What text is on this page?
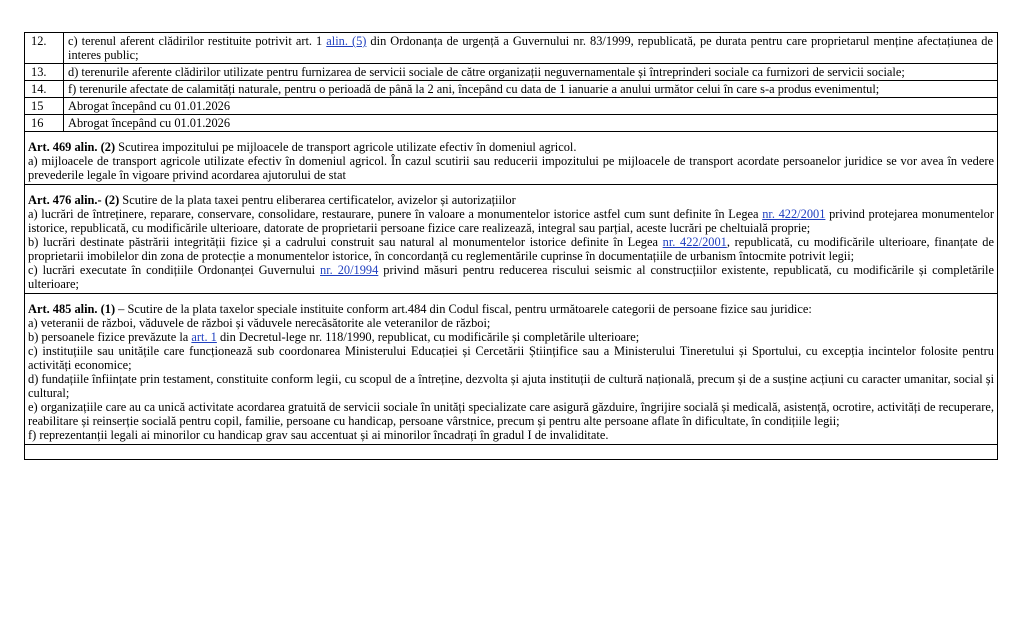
12.	c) terenul aferent clădirilor restituite potrivit art. 1 alin. (5) din Ordonanța de urgență a Guvernului nr. 83/1999, republicată, pe durata pentru care proprietarul menține afectațiunea de interes public;
13.	d) terenurile aferente clădirilor utilizate pentru furnizarea de servicii sociale de către organizații neguvernamentale și întreprinderi sociale ca furnizori de servicii sociale;
14.	f) terenurile afectate de calamități naturale, pentru o perioadă de până la 2 ani, începând cu data de 1 ianuarie a anului următor celui în care s-a produs evenimentul;
15	Abrogat începând cu 01.01.2026
16	Abrogat începând cu 01.01.2026

Art. 469 alin. (2) Scutirea impozitului pe mijloacele de transport agricole utilizate efectiv în domeniul agricol.

a) mijloacele de transport agricole utilizate efectiv în domeniul agricol. În cazul scutirii sau reducerii impozitului pe mijloacele de transport acordate persoanelor juridice se vor avea în vedere prevederile legale în vigoare privind acordarea ajutorului de stat

Art. 476 alin.- (2) Scutire de la plata taxei pentru eliberarea certificatelor, avizelor și autorizațiilor

a) lucrări de întreținere, reparare, conservare, consolidare, restaurare, punere în valoare a monumentelor istorice astfel cum sunt definite în Legea nr. 422/2001 privind protejarea monumentelor istorice, republicată, cu modificările ulterioare, datorate de proprietarii persoane fizice care realizează, integral sau parțial, aceste lucrări pe cheltuială proprie;

b) lucrări destinate păstrării integrității fizice și a cadrului construit sau natural al monumentelor istorice definite în Legea nr. 422/2001, republicată, cu modificările ulterioare, finanțate de proprietarii imobilelor din zona de protecție a monumentelor istorice, în concordanță cu reglementările cuprinse în documentațiile de urbanism întocmite potrivit legii;

c) lucrări executate în condițiile Ordonanței Guvernului nr. 20/1994 privind măsuri pentru reducerea riscului seismic al construcțiilor existente, republicată, cu modificările și completările ulterioare;

Art. 485 alin. (1) – Scutire de la plata taxelor speciale instituite conform art.484 din Codul fiscal, pentru următoarele categorii de persoane fizice sau juridice:

a) veteranii de război, văduvele de război și văduvele nerecăsătorite ale veteranilor de război;

b) persoanele fizice prevăzute la art. 1 din Decretul-lege nr. 118/1990, republicat, cu modificările și completările ulterioare;

c) instituțiile sau unitățile care funcționează sub coordonarea Ministerului Educației și Cercetării Științifice sau a Ministerului Tineretului și Sportului, cu excepția incintelor folosite pentru activități economice;

d) fundațiile înființate prin testament, constituite conform legii, cu scopul de a întreține, dezvolta și ajuta instituții de cultură națională, precum și de a susține acțiuni cu caracter umanitar, social și cultural;

e) organizațiile care au ca unică activitate acordarea gratuită de servicii sociale în unități specializate care asigură găzduire, îngrijire socială și medicală, asistență, ocrotire, activități de recuperare, reabilitare și reinserție socială pentru copil, familie, persoane cu handicap, persoane vârstnice, precum și pentru alte persoane aflate în dificultate, în condițiile legii;

f) reprezentanții legali ai minorilor cu handicap grav sau accentuat și ai minorilor încadrați în gradul I de invaliditate.
